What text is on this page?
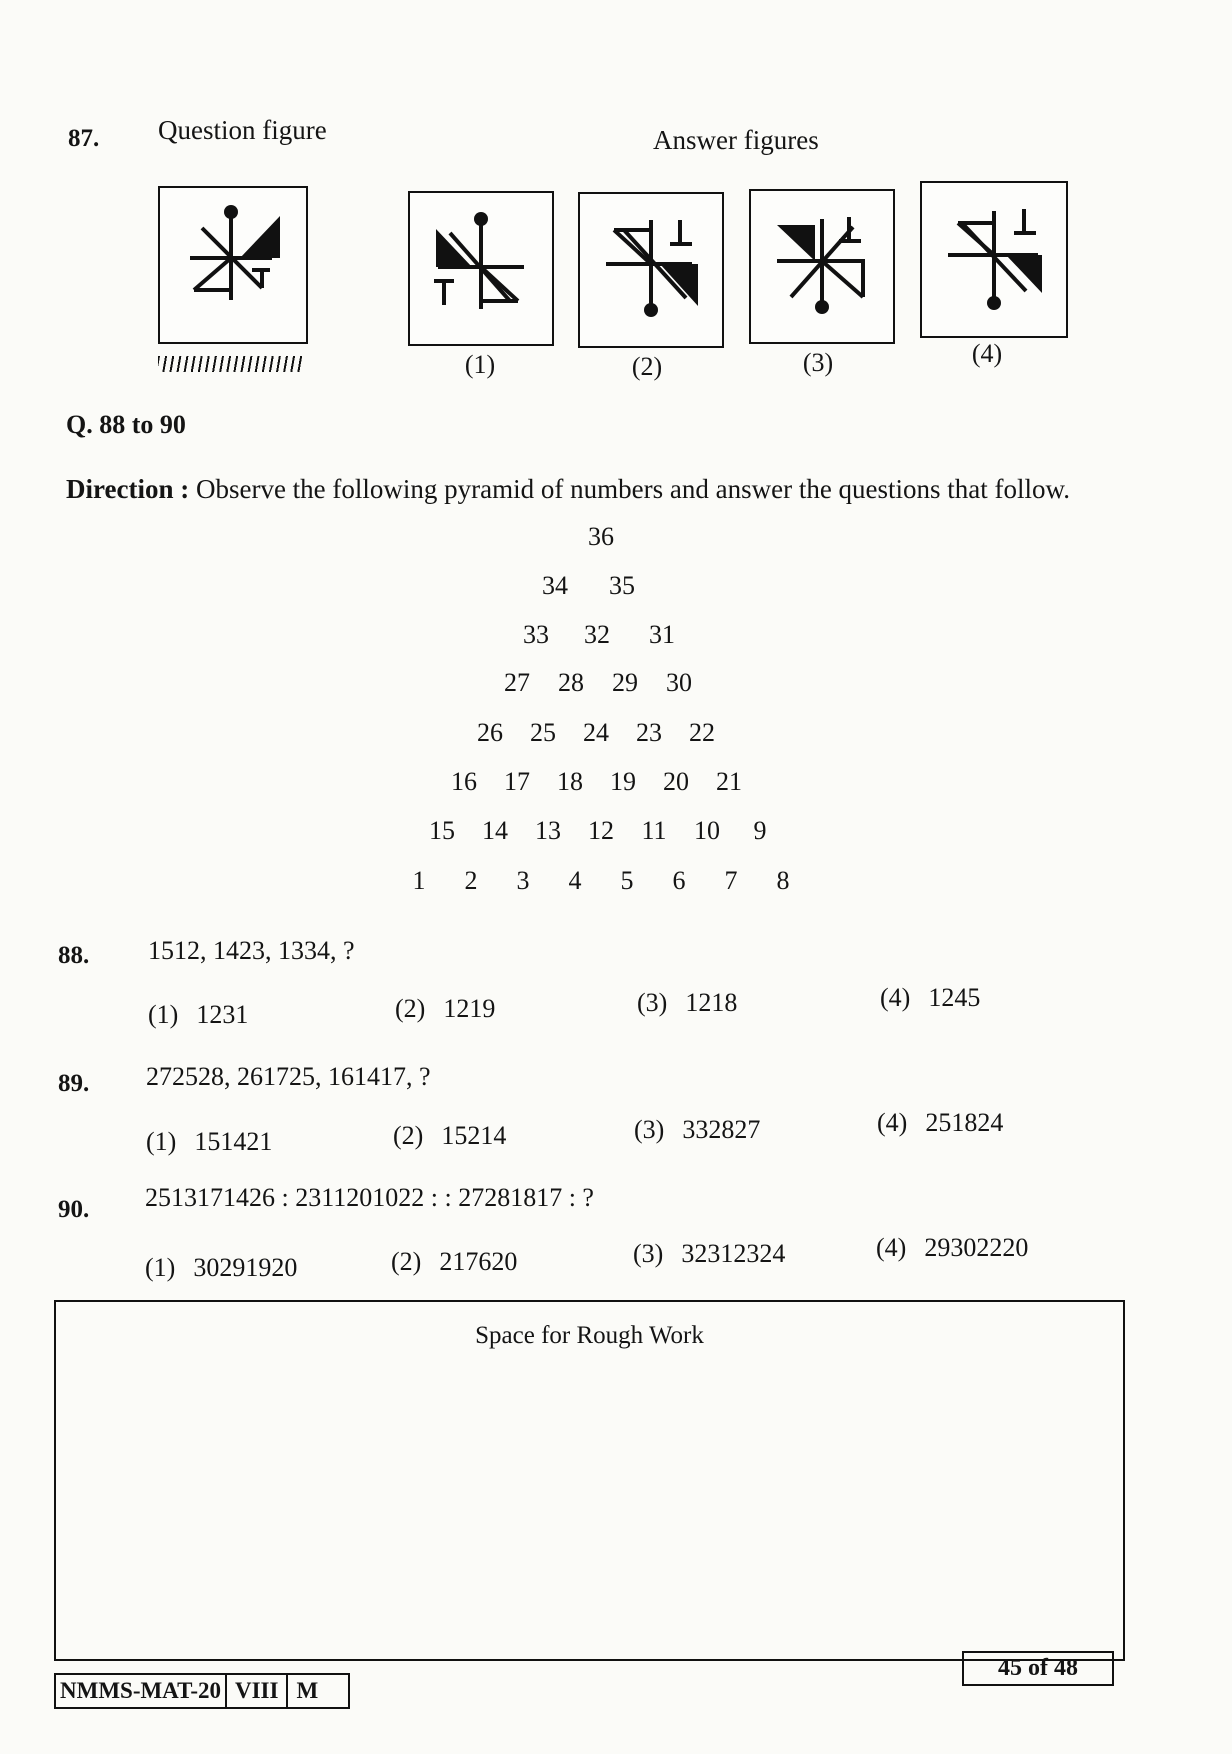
87. Question figure	Answer figures
(1)	(2)	(3)	(4)
Q. 88 to 90
Direction : Observe the following pyramid of numbers and answer the questions that follow.
36
34 35
33 32 31
27 28 29 30
26 25 24 23 22
16 17 18 19 20 21
15 14 13 12 11 10 9
1 2 3 4 5 6 7 8
88. 1512, 1423, 1334, ?
(1) 1231	(2) 1219	(3) 1218	(4) 1245
89. 272528, 261725, 161417, ?
(1) 151421	(2) 15214	(3) 332827	(4) 251824
90. 2513171426 : 2311201022 : : 27281817 : ?
(1) 30291920	(2) 217620	(3) 32312324	(4) 29302220
Space for Rough Work
NMMS-MAT-20 VIII M
45 of 48
